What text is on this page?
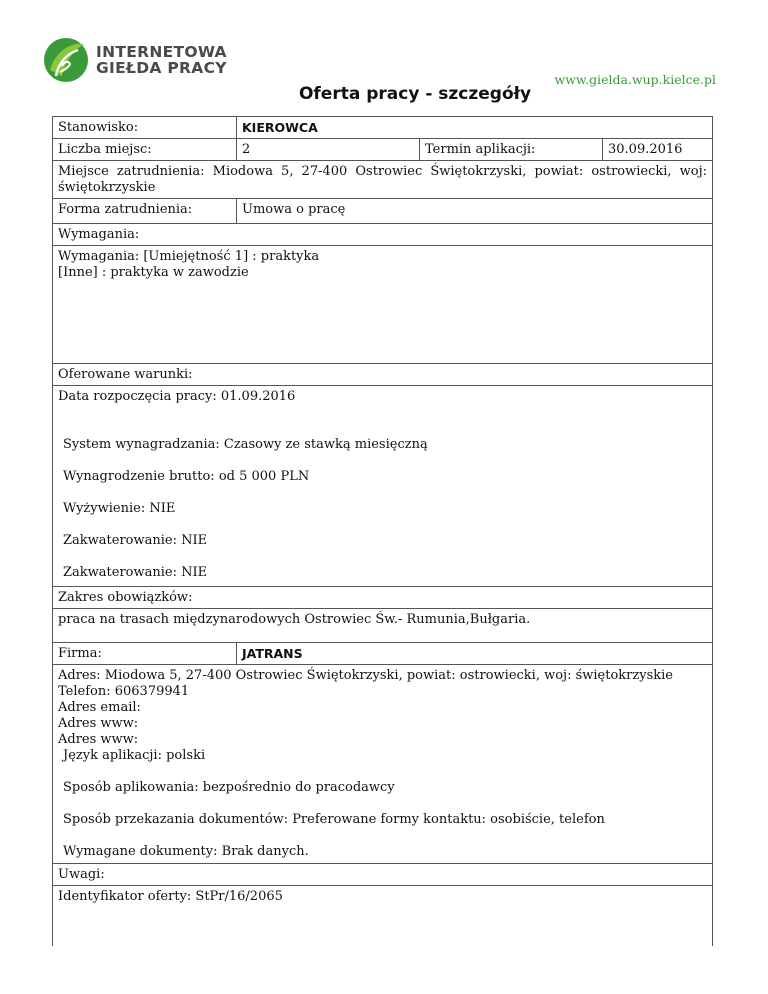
INTERNETOWA
GIEŁDA PRACY
www.gielda.wup.kielce.pl
Oferta pracy - szczegóły
Stanowisko:	KIEROWCA
Liczba miejsc:	2	Termin aplikacji:	30.09.2016
Miejsce zatrudnienia: Miodowa 5, 27-400 Ostrowiec Świętokrzyski, powiat: ostrowiecki, woj: świętokrzyskie
Forma zatrudnienia:	Umowa o pracę
Wymagania:

Wymagania: [Umiejętność 1] : praktyka

[Inne] : praktyka w zawodzie

Oferowane warunki:

Data rozpoczęcia pracy: 01.09.2016

System wynagradzania: Czasowy ze stawką miesięczną

Wynagrodzenie brutto: od 5 000 PLN

Wyżywienie: NIE

Zakwaterowanie: NIE

Zakwaterowanie: NIE

Zakres obowiązków:
praca na trasach międzynarodowych Ostrowiec Św.- Rumunia,Bułgaria.
Firma:	JATRANS

Adres: Miodowa 5, 27-400 Ostrowiec Świętokrzyski, powiat: ostrowiecki, woj: świętokrzyskie

Telefon: 606379941

Adres email:

Adres www:

Adres www:

Język aplikacji: polski

Sposób aplikowania: bezpośrednio do pracodawcy

Sposób przekazania dokumentów: Preferowane formy kontaktu: osobiście, telefon

Wymagane dokumenty: Brak danych.

Uwagi:
Identyfikator oferty: StPr/16/2065
